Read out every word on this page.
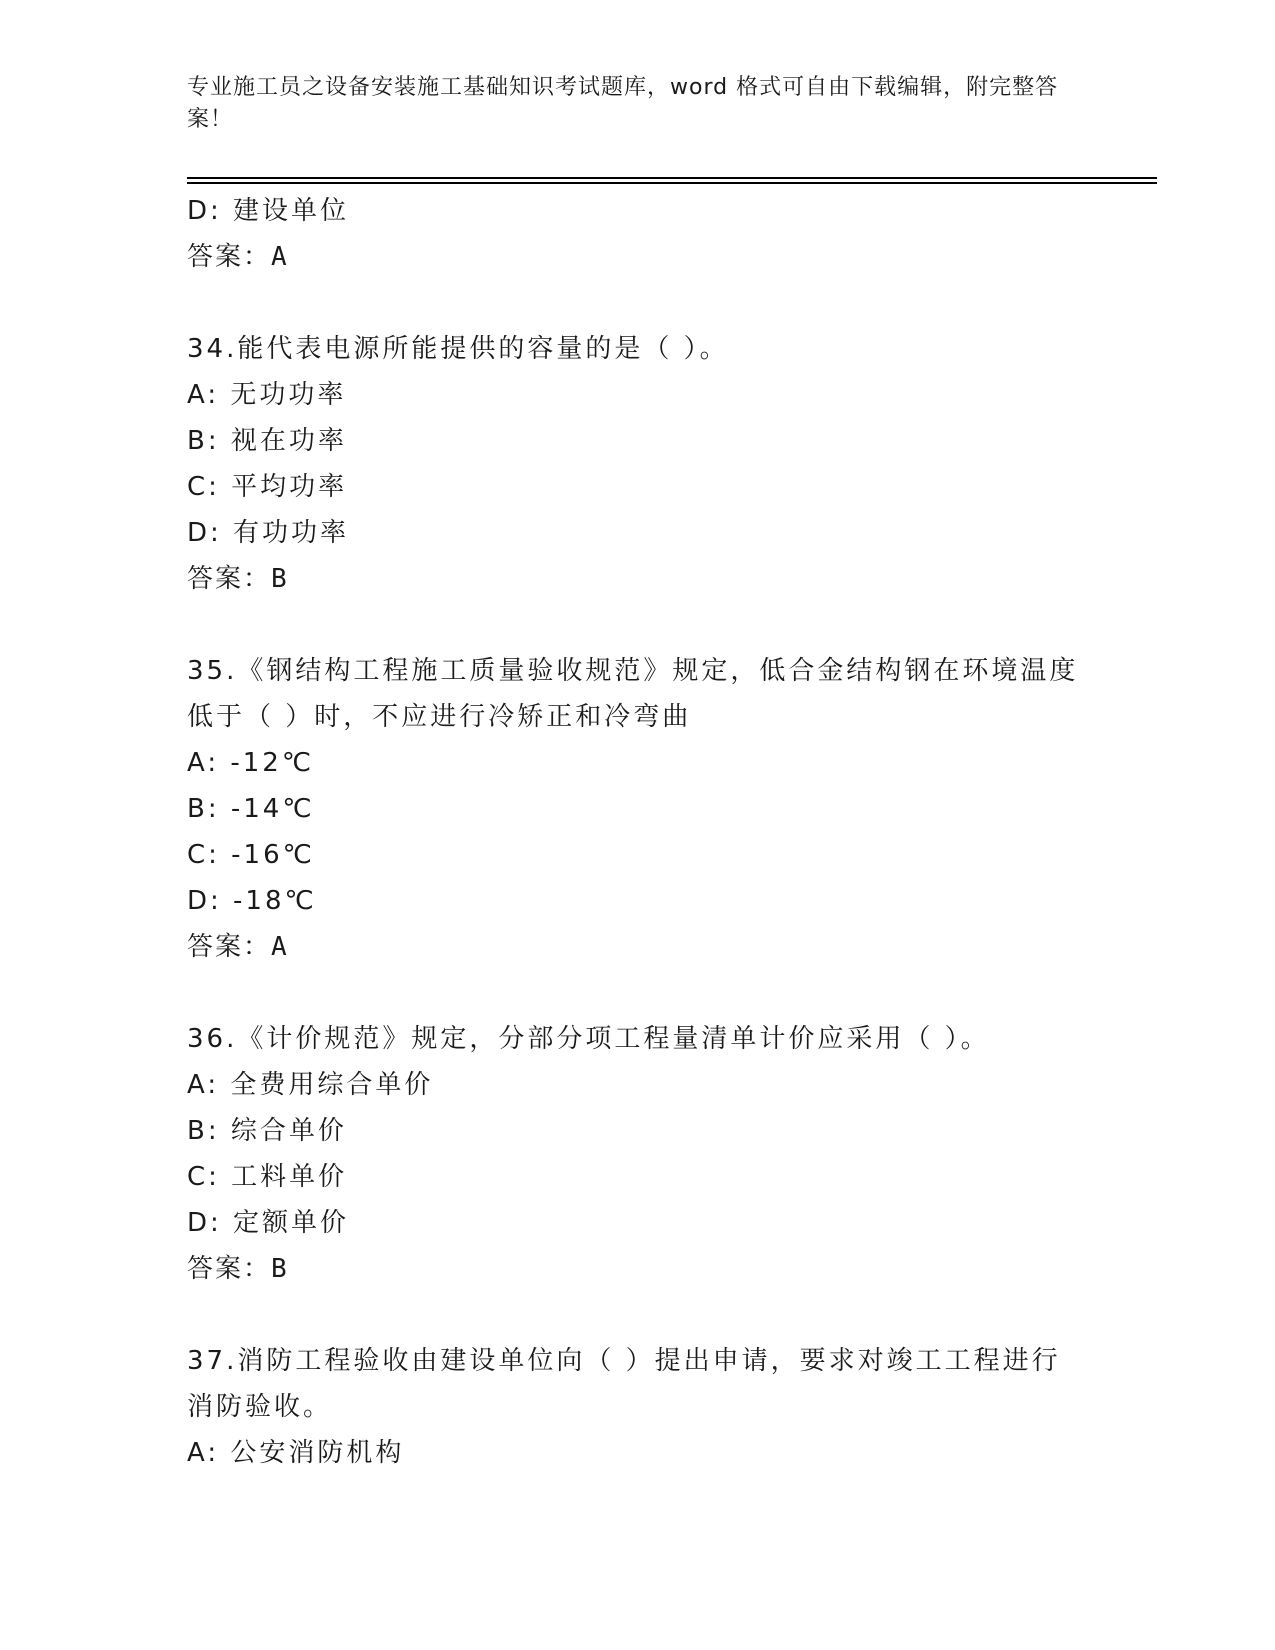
专业施工员之设备安装施工基础知识考试题库，word 格式可自由下载编辑，附完整答案！
D: 建设单位
答案：A
34.能代表电源所能提供的容量的是（ ）。
A: 无功功率
B: 视在功率
C: 平均功率
D: 有功功率
答案：B
35.《钢结构工程施工质量验收规范》规定，低合金结构钢在环境温度低于（ ）时，不应进行冷矫正和冷弯曲
A: -12℃
B: -14℃
C: -16℃
D: -18℃
答案：A
36.《计价规范》规定，分部分项工程量清单计价应采用（ ）。
A: 全费用综合单价
B: 综合单价
C: 工料单价
D: 定额单价
答案：B
37.消防工程验收由建设单位向（ ）提出申请，要求对竣工工程进行消防验收。
A: 公安消防机构
